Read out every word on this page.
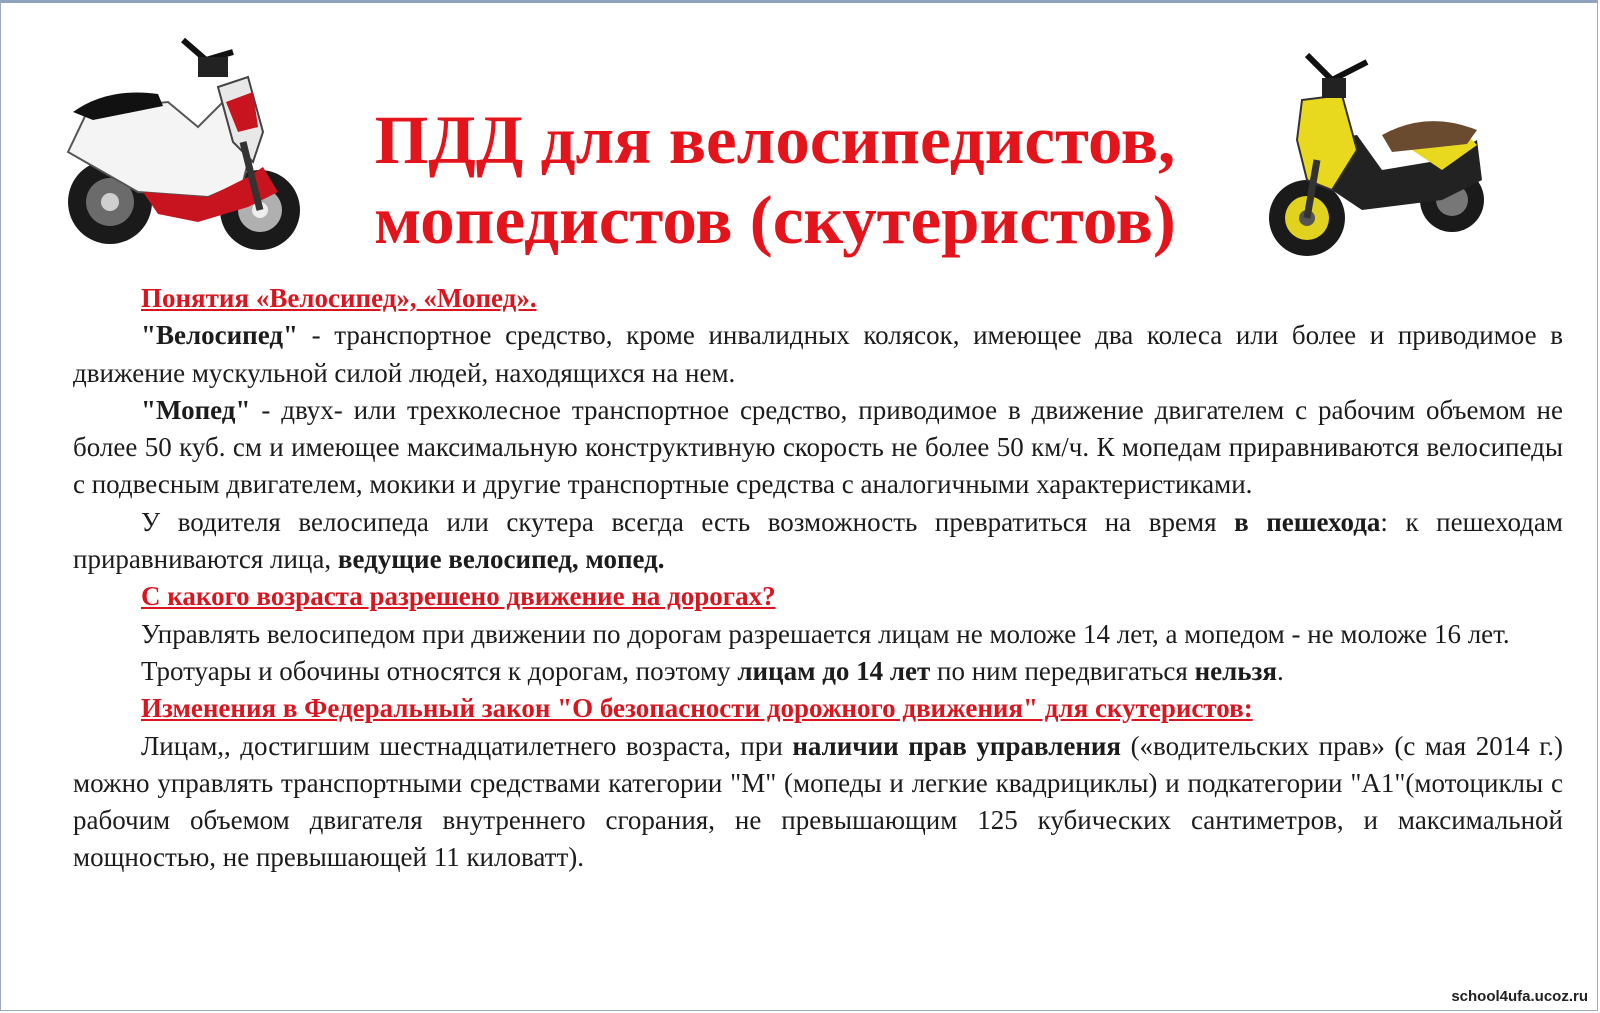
ПДД для велосипедистов,
мопедистов (скутеристов)

Понятия «Велосипед», «Мопед».

"Велосипед" - транспортное средство, кроме инвалидных колясок, имеющее два колеса или более и приводимое в движение мускульной силой людей, находящихся на нем.

"Мопед" - двух- или трехколесное транспортное средство, приводимое в движение двигателем с рабочим объемом не более 50 куб. см и имеющее максимальную конструктивную скорость не более 50 км/ч. К мопедам приравниваются велосипеды с подвесным двигателем, мокики и другие транспортные средства с аналогичными характеристиками.

У водителя велосипеда или скутера всегда есть возможность превратиться на время в пешехода: к пешеходам приравниваются лица, ведущие велосипед, мопед.

С какого возраста разрешено движение на дорогах?

Управлять велосипедом при движении по дорогам разрешается лицам не моложе 14 лет, а мопедом - не моложе 16 лет.

Тротуары и обочины относятся к дорогам, поэтому лицам до 14 лет по ним передвигаться нельзя.

Изменения в Федеральный закон "О безопасности дорожного движения" для скутеристов:

Лицам,, достигшим шестнадцатилетнего возраста, при наличии прав управления («водительских прав» (с мая 2014 г.) можно управлять транспортными средствами категории "М" (мопеды и легкие квадрициклы) и подкатегории "А1"(мотоциклы с рабочим объемом двигателя внутреннего сгорания, не превышающим 125 кубических сантиметров, и максимальной мощностью, не превышающей 11 киловатт).

school4ufa.ucoz.ru
